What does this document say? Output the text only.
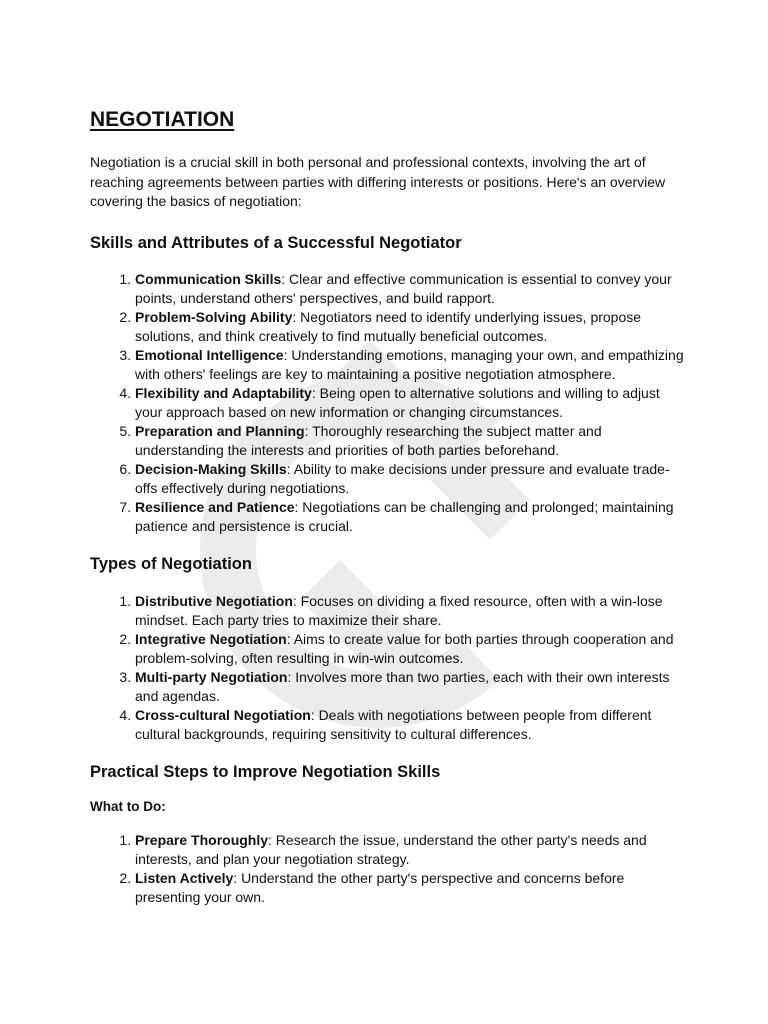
NEGOTIATION

Negotiation is a crucial skill in both personal and professional contexts, involving the art of reaching agreements between parties with differing interests or positions. Here's an overview covering the basics of negotiation:

Skills and Attributes of a Successful Negotiator
1. Communication Skills: Clear and effective communication is essential to convey your points, understand others' perspectives, and build rapport.
2. Problem-Solving Ability: Negotiators need to identify underlying issues, propose solutions, and think creatively to find mutually beneficial outcomes.
3. Emotional Intelligence: Understanding emotions, managing your own, and empathizing with others' feelings are key to maintaining a positive negotiation atmosphere.
4. Flexibility and Adaptability: Being open to alternative solutions and willing to adjust your approach based on new information or changing circumstances.
5. Preparation and Planning: Thoroughly researching the subject matter and understanding the interests and priorities of both parties beforehand.
6. Decision-Making Skills: Ability to make decisions under pressure and evaluate trade-offs effectively during negotiations.
7. Resilience and Patience: Negotiations can be challenging and prolonged; maintaining patience and persistence is crucial.
Types of Negotiation
1. Distributive Negotiation: Focuses on dividing a fixed resource, often with a win-lose mindset. Each party tries to maximize their share.
2. Integrative Negotiation: Aims to create value for both parties through cooperation and problem-solving, often resulting in win-win outcomes.
3. Multi-party Negotiation: Involves more than two parties, each with their own interests and agendas.
4. Cross-cultural Negotiation: Deals with negotiations between people from different cultural backgrounds, requiring sensitivity to cultural differences.
Practical Steps to Improve Negotiation Skills

What to Do:

1. Prepare Thoroughly: Research the issue, understand the other party's needs and interests, and plan your negotiation strategy.
2. Listen Actively: Understand the other party's perspective and concerns before presenting your own.
